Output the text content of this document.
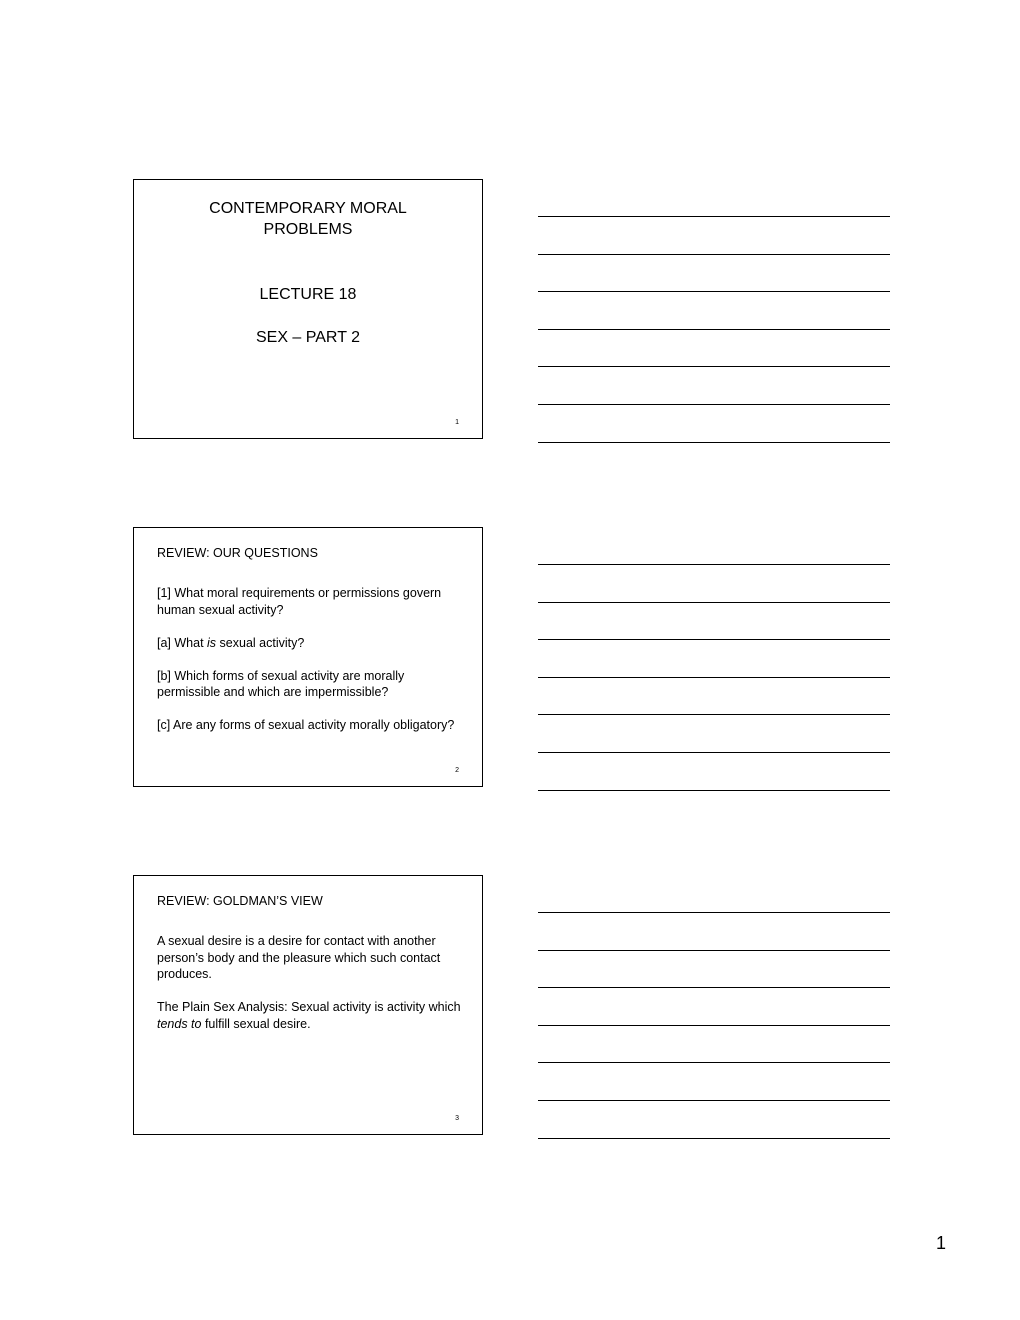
CONTEMPORARY MORAL
PROBLEMS
LECTURE 18
SEX – PART 2
1
REVIEW: OUR QUESTIONS

[1] What moral requirements or permissions govern human sexual activity?

[a] What is sexual activity?

[b] Which forms of sexual activity are morally permissible and which are impermissible?

[c] Are any forms of sexual activity morally obligatory?

2
REVIEW: GOLDMAN’S VIEW

A sexual desire is a desire for contact with another person’s body and the pleasure which such contact produces.

The Plain Sex Analysis: Sexual activity is activity which tends to fulfill sexual desire.

3
1
